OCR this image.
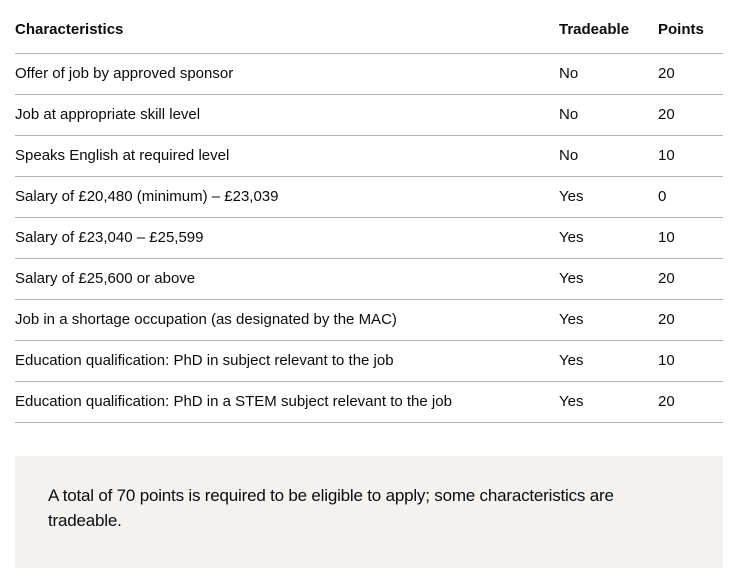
Characteristics	Tradeable	Points
Offer of job by approved sponsor	No	20
Job at appropriate skill level	No	20
Speaks English at required level	No	10
Salary of £20,480 (minimum) – £23,039	Yes	0
Salary of £23,040 – £25,599	Yes	10
Salary of £25,600 or above	Yes	20
Job in a shortage occupation (as designated by the MAC)	Yes	20
Education qualification: PhD in subject relevant to the job	Yes	10
Education qualification: PhD in a STEM subject relevant to the job	Yes	20

A total of 70 points is required to be eligible to apply; some characteristics are tradeable.
